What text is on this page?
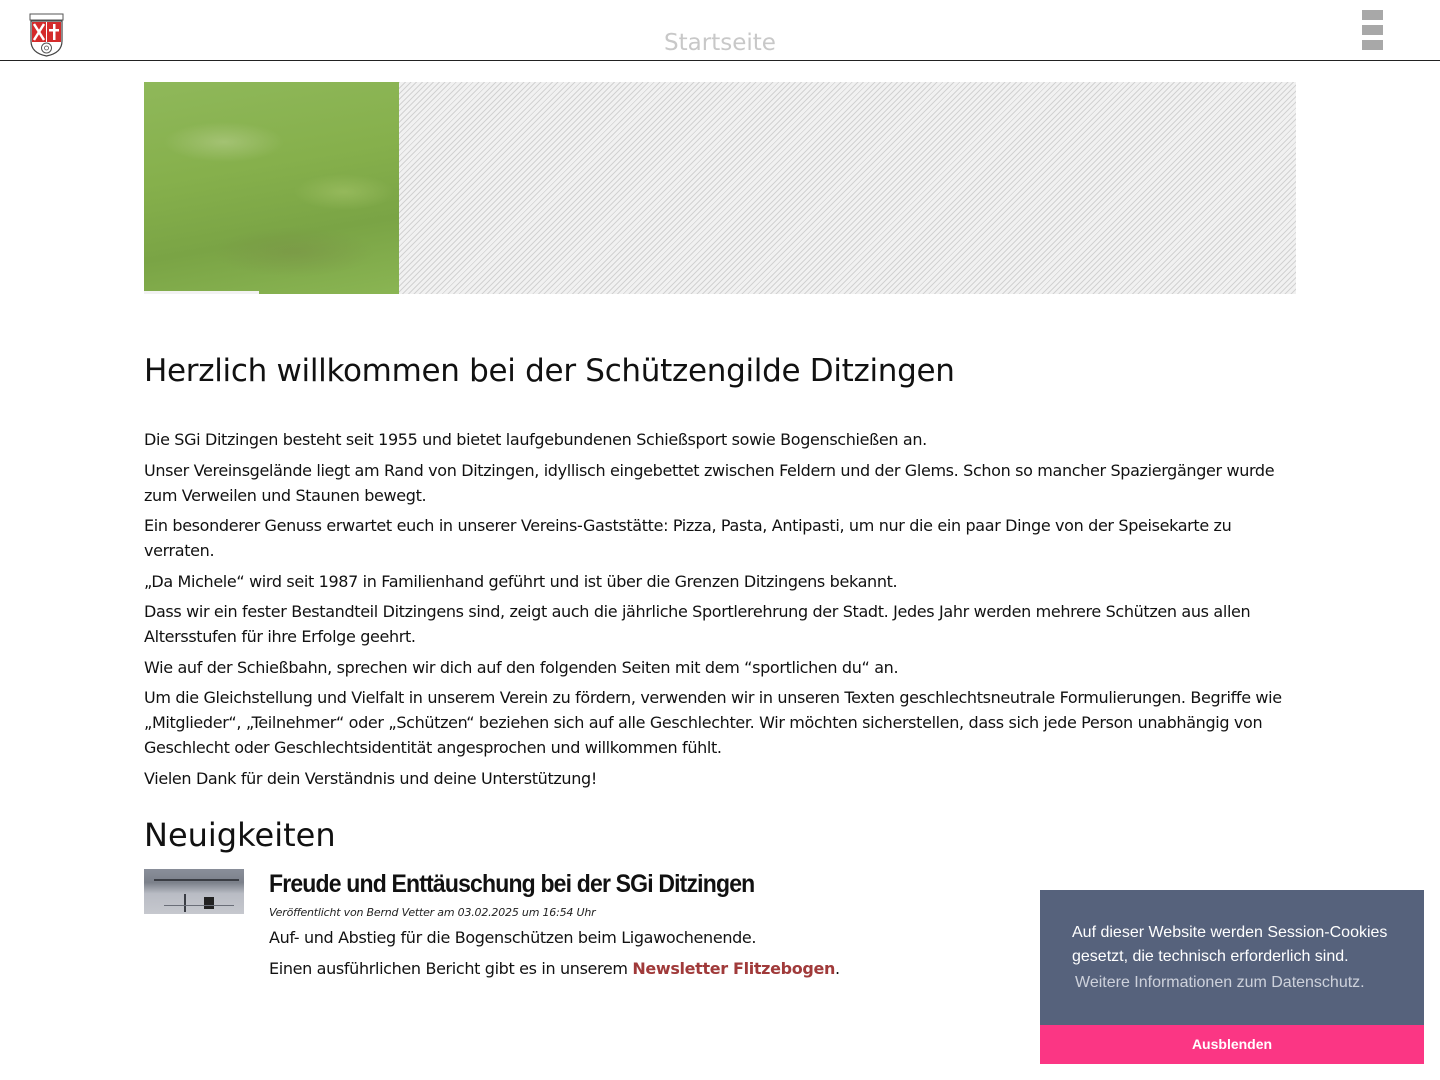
Startseite
Herzlich willkommen bei der Schützengilde Ditzingen

Die SGi Ditzingen besteht seit 1955 und bietet laufgebundenen Schießsport sowie Bogenschießen an.

Unser Vereinsgelände liegt am Rand von Ditzingen, idyllisch eingebettet zwischen Feldern und der Glems. Schon so mancher Spaziergänger wurde zum Verweilen und Staunen bewegt.

Ein besonderer Genuss erwartet euch in unserer Vereins-Gaststätte: Pizza, Pasta, Antipasti, um nur die ein paar Dinge von der Speisekarte zu verraten.

„Da Michele“ wird seit 1987 in Familienhand geführt und ist über die Grenzen Ditzingens bekannt.

Dass wir ein fester Bestandteil Ditzingens sind, zeigt auch die jährliche Sportlerehrung der Stadt. Jedes Jahr werden mehrere Schützen aus allen Altersstufen für ihre Erfolge geehrt.

Wie auf der Schießbahn, sprechen wir dich auf den folgenden Seiten mit dem “sportlichen du“ an.

Um die Gleichstellung und Vielfalt in unserem Verein zu fördern, verwenden wir in unseren Texten geschlechtsneutrale Formulierungen. Begriffe wie „Mitglieder“, „Teilnehmer“ oder „Schützen“ beziehen sich auf alle Geschlechter. Wir möchten sicherstellen, dass sich jede Person unabhängig von Geschlecht oder Geschlechtsidentität angesprochen und willkommen fühlt.

Vielen Dank für dein Verständnis und deine Unterstützung!

Neuigkeiten
Freude und Enttäuschung bei der SGi Ditzingen
Veröffentlicht von Bernd Vetter am 03.02.2025 um 16:54 Uhr

Auf- und Abstieg für die Bogenschützen beim Ligawochenende.

Einen ausführlichen Bericht gibt es in unserem Newsletter Flitzebogen.

Auf dieser Website werden Session-Cookies gesetzt, die technisch erforderlich sind.
Weitere Informationen zum Datenschutz.
Ausblenden
